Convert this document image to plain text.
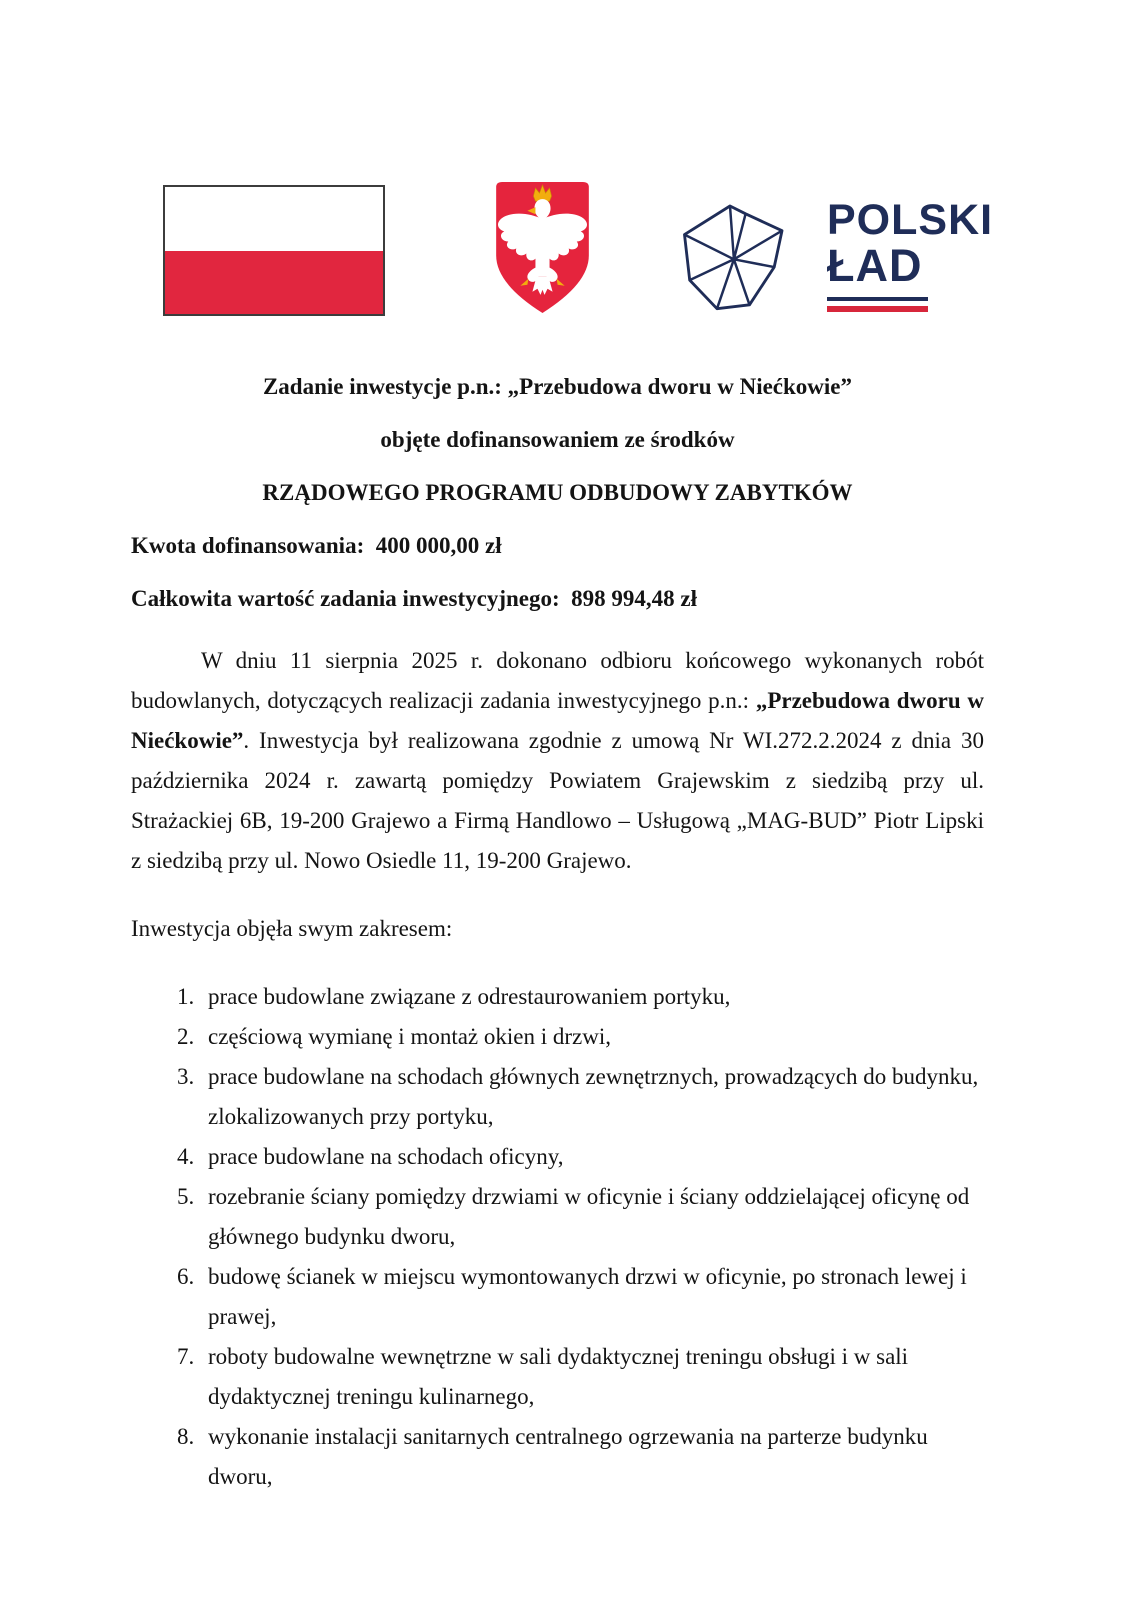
POLSKI
ŁAD

Zadanie inwestycje p.n.: „Przebudowa dworu w Niećkowie”

objęte dofinansowaniem ze środków

RZĄDOWEGO PROGRAMU ODBUDOWY ZABYTKÓW

Kwota dofinansowania:  400 000,00 zł

Całkowita wartość zadania inwestycyjnego:  898 994,48 zł

W dniu 11 sierpnia 2025 r. dokonano odbioru końcowego wykonanych robót budowlanych, dotyczących realizacji zadania inwestycyjnego p.n.: „Przebudowa dworu w Niećkowie”. Inwestycja był realizowana zgodnie z umową Nr WI.272.2.2024 z dnia 30 października 2024 r. zawartą pomiędzy Powiatem Grajewskim z siedzibą przy ul. Strażackiej 6B, 19-200 Grajewo a Firmą Handlowo – Usługową „MAG-BUD” Piotr Lipski z siedzibą przy ul. Nowo Osiedle 11, 19-200 Grajewo.

Inwestycja objęła swym zakresem:

1. prace budowlane związane z odrestaurowaniem portyku,
2. częściową wymianę i montaż okien i drzwi,
3. prace budowlane na schodach głównych zewnętrznych, prowadzących do budynku, zlokalizowanych przy portyku,
4. prace budowlane na schodach oficyny,
5. rozebranie ściany pomiędzy drzwiami w oficynie i ściany oddzielającej oficynę od głównego budynku dworu,
6. budowę ścianek w miejscu wymontowanych drzwi w oficynie, po stronach lewej i prawej,
7. roboty budowalne wewnętrzne w sali dydaktycznej treningu obsługi i w sali dydaktycznej treningu kulinarnego,
8. wykonanie instalacji sanitarnych centralnego ogrzewania na parterze budynku dworu,
